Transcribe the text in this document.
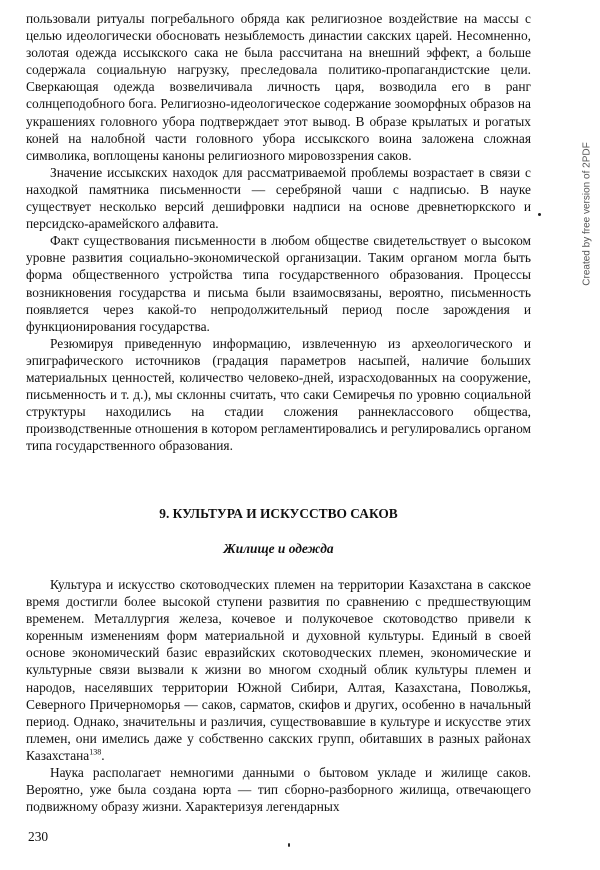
пользовали ритуалы погребального обряда как религиозное воздействие на массы с целью идеологически обосновать незыблемость династии сакских царей. Несомненно, золотая одежда иссыкского сака не была рассчитана на внешний эффект, а больше содержала социальную нагрузку, преследовала политико-пропагандистские цели. Сверкающая одежда возвеличивала личность царя, возводила его в ранг солнцеподобного бога. Религиозно-идеологическое содержание зооморфных образов на украшениях головного убора подтверждает этот вывод. В образе крылатых и рогатых коней на налобной части головного убора иссыкского воина заложена сложная символика, воплощены каноны религиозного мировоззрения саков.

Значение иссыкских находок для рассматриваемой проблемы возрастает в связи с находкой памятника письменности — серебряной чаши с надписью. В науке существует несколько версий дешифровки надписи на основе древнетюркского и персидско-арамейского алфавита.

Факт существования письменности в любом обществе свидетельствует о высоком уровне развития социально-экономической организации. Таким органом могла быть форма общественного устройства типа государственного образования. Процессы возникновения государства и письма были взаимосвязаны, вероятно, письменность появляется через какой-то непродолжительный период после зарождения и функционирования государства.

Резюмируя приведенную информацию, извлеченную из археологического и эпиграфического источников (градация параметров насыпей, наличие больших материальных ценностей, количество человеко-дней, израсходованных на сооружение, письменность и т. д.), мы склонны считать, что саки Семиречья по уровню социальной структуры находились на стадии сложения раннеклассового общества, производственные отношения в котором регламентировались и регулировались органом типа государственного образования.

9. КУЛЬТУРА И ИСКУССТВО САКОВ
Жилище и одежда

Культура и искусство скотоводческих племен на территории Казахстана в сакское время достигли более высокой ступени развития по сравнению с предшествующим временем. Металлургия железа, кочевое и полукочевое скотоводство привели к коренным изменениям форм материальной и духовной культуры. Единый в своей основе экономический базис евразийских скотоводческих племен, экономические и культурные связи вызвали к жизни во многом сходный облик культуры племен и народов, населявших территории Южной Сибири, Алтая, Казахстана, Поволжья, Северного Причерноморья — саков, сарматов, скифов и других, особенно в начальный период. Однако, значительны и различия, существовавшие в культуре и искусстве этих племен, они имелись даже у собственно сакских групп, обитавших в разных районах Казахстана$^{138}$.

Наука располагает немногими данными о бытовом укладе и жилище саков. Вероятно, уже была создана юрта — тип сборно-разборного жилища, отвечающего подвижному образу жизни. Характеризуя легендарных

230
Created by free version of 2PDF
